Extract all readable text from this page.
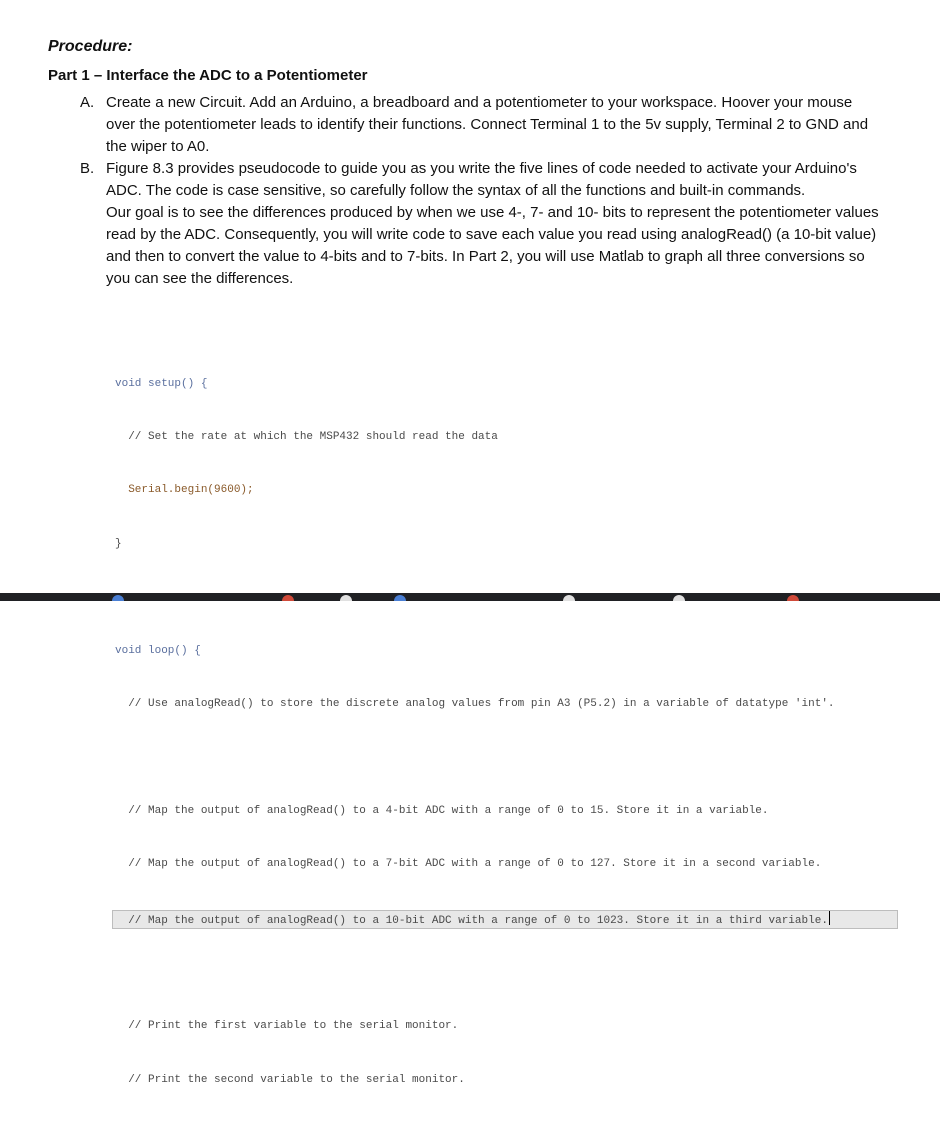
Procedure:

Part 1 – Interface the ADC to a Potentiometer

A. Create a new Circuit. Add an Arduino, a breadboard and a potentiometer to your workspace. Hoover your mouse over the potentiometer leads to identify their functions. Connect Terminal 1 to the 5v supply, Terminal 2 to GND and the wiper to A0.

B. Figure 8.3 provides pseudocode to guide you as you write the five lines of code needed to activate your Arduino's ADC. The code is case sensitive, so carefully follow the syntax of all the functions and built-in commands.

Our goal is to see the differences produced by when we use 4-, 7- and 10- bits to represent the potentiometer values read by the ADC. Consequently, you will write code to save each value you read using analogRead() (a 10-bit value) and then to convert the value to 4-bits and to 7-bits. In Part 2, you will use Matlab to graph all three conversions so you can see the differences.

void setup() {

// Set the rate at which the MSP432 should read the data

Serial.begin(9600);

}

void loop() {

// Use analogRead() to store the discrete analog values from pin A3 (P5.2) in a variable of datatype 'int'.

// Map the output of analogRead() to a 4-bit ADC with a range of 0 to 15. Store it in a variable.

// Map the output of analogRead() to a 7-bit ADC with a range of 0 to 127. Store it in a second variable.

// Map the output of analogRead() to a 10-bit ADC with a range of 0 to 1023. Store it in a third variable.

// Print the first variable to the serial monitor.

// Print the second variable to the serial monitor.
